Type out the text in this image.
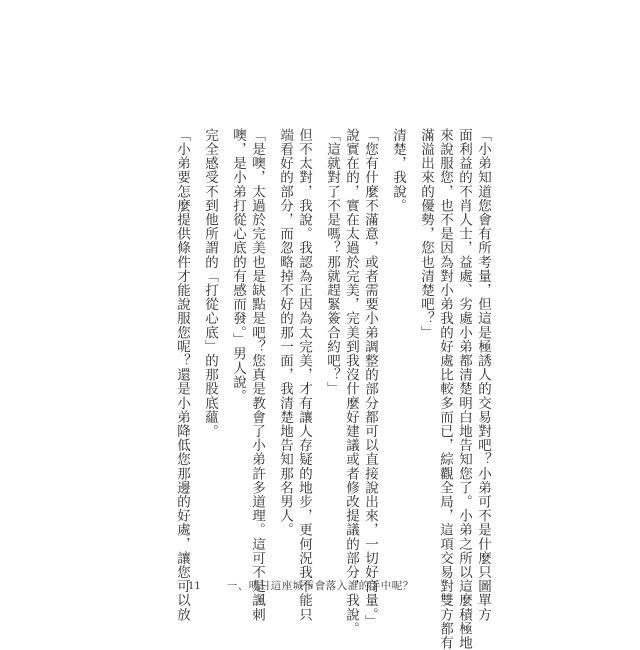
「小弟知道您會有所考量，但這是極誘人的交易對吧？小弟可不是什麼只圖單方
面利益的不肖人士，益處、劣處小弟都清楚明白地告知您了。小弟之所以這麼積極地
來說服您，也不是因為對小弟我的好處比較多而已，綜觀全局，這項交易對雙方都有
滿溢出來的優勢，您也清楚吧？」
清楚，我說。
「您有什麼不滿意，或者需要小弟調整的部分都可以直接說出來，一切好商量。」
說實在的，實在太過於完美，完美到我沒什麼好建議或者修改提議的部分，我說。
「這就對了不是嗎？那就趕緊簽合約吧？」
但不太對，我說。我認為正因為太完美，才有讓人存疑的地步，更何況我不能只
端看好的部分，而忽略掉不好的那一面，我清楚地告知那名男人。
「是噢，太過於完美也是缺點是吧？您真是教會了小弟許多道理。這可不是諷刺
噢，是小弟打從心底的有感而發。」男人說。
完全感受不到他所謂的「打從心底」的那股底蘊。
「小弟要怎麼提供條件才能說服您呢？還是小弟降低您那邊的好處，讓您可以放
11 一、明日這座城市會落入誰的手中呢？
